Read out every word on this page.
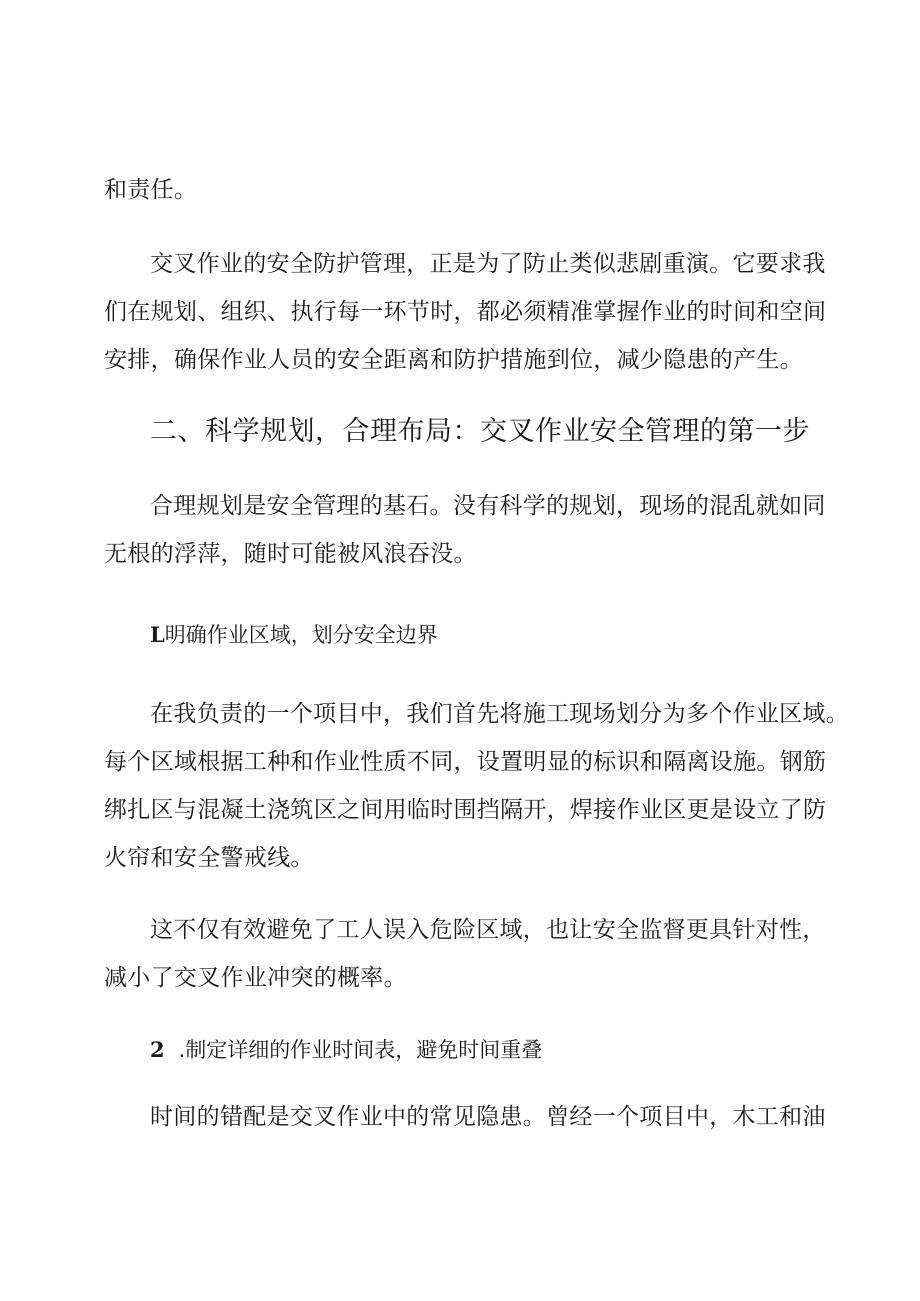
和责任。

交叉作业的安全防护管理，正是为了防止类似悲剧重演。它要求我
们在规划、组织、执行每一环节时，都必须精准掌握作业的时间和空间
安排，确保作业人员的安全距离和防护措施到位，减少隐患的产生。

二、科学规划，合理布局：交叉作业安全管理的第一步

合理规划是安全管理的基石。没有科学的规划，现场的混乱就如同
无根的浮萍，随时可能被风浪吞没。

L明确作业区域，划分安全边界

在我负责的一个项目中，我们首先将施工现场划分为多个作业区域。
每个区域根据工种和作业性质不同，设置明显的标识和隔离设施。钢筋
绑扎区与混凝土浇筑区之间用临时围挡隔开，焊接作业区更是设立了防
火帘和安全警戒线。

这不仅有效避免了工人误入危险区域，也让安全监督更具针对性，
减小了交叉作业冲突的概率。

2 .制定详细的作业时间表，避免时间重叠

时间的错配是交叉作业中的常见隐患。曾经一个项目中，木工和油
